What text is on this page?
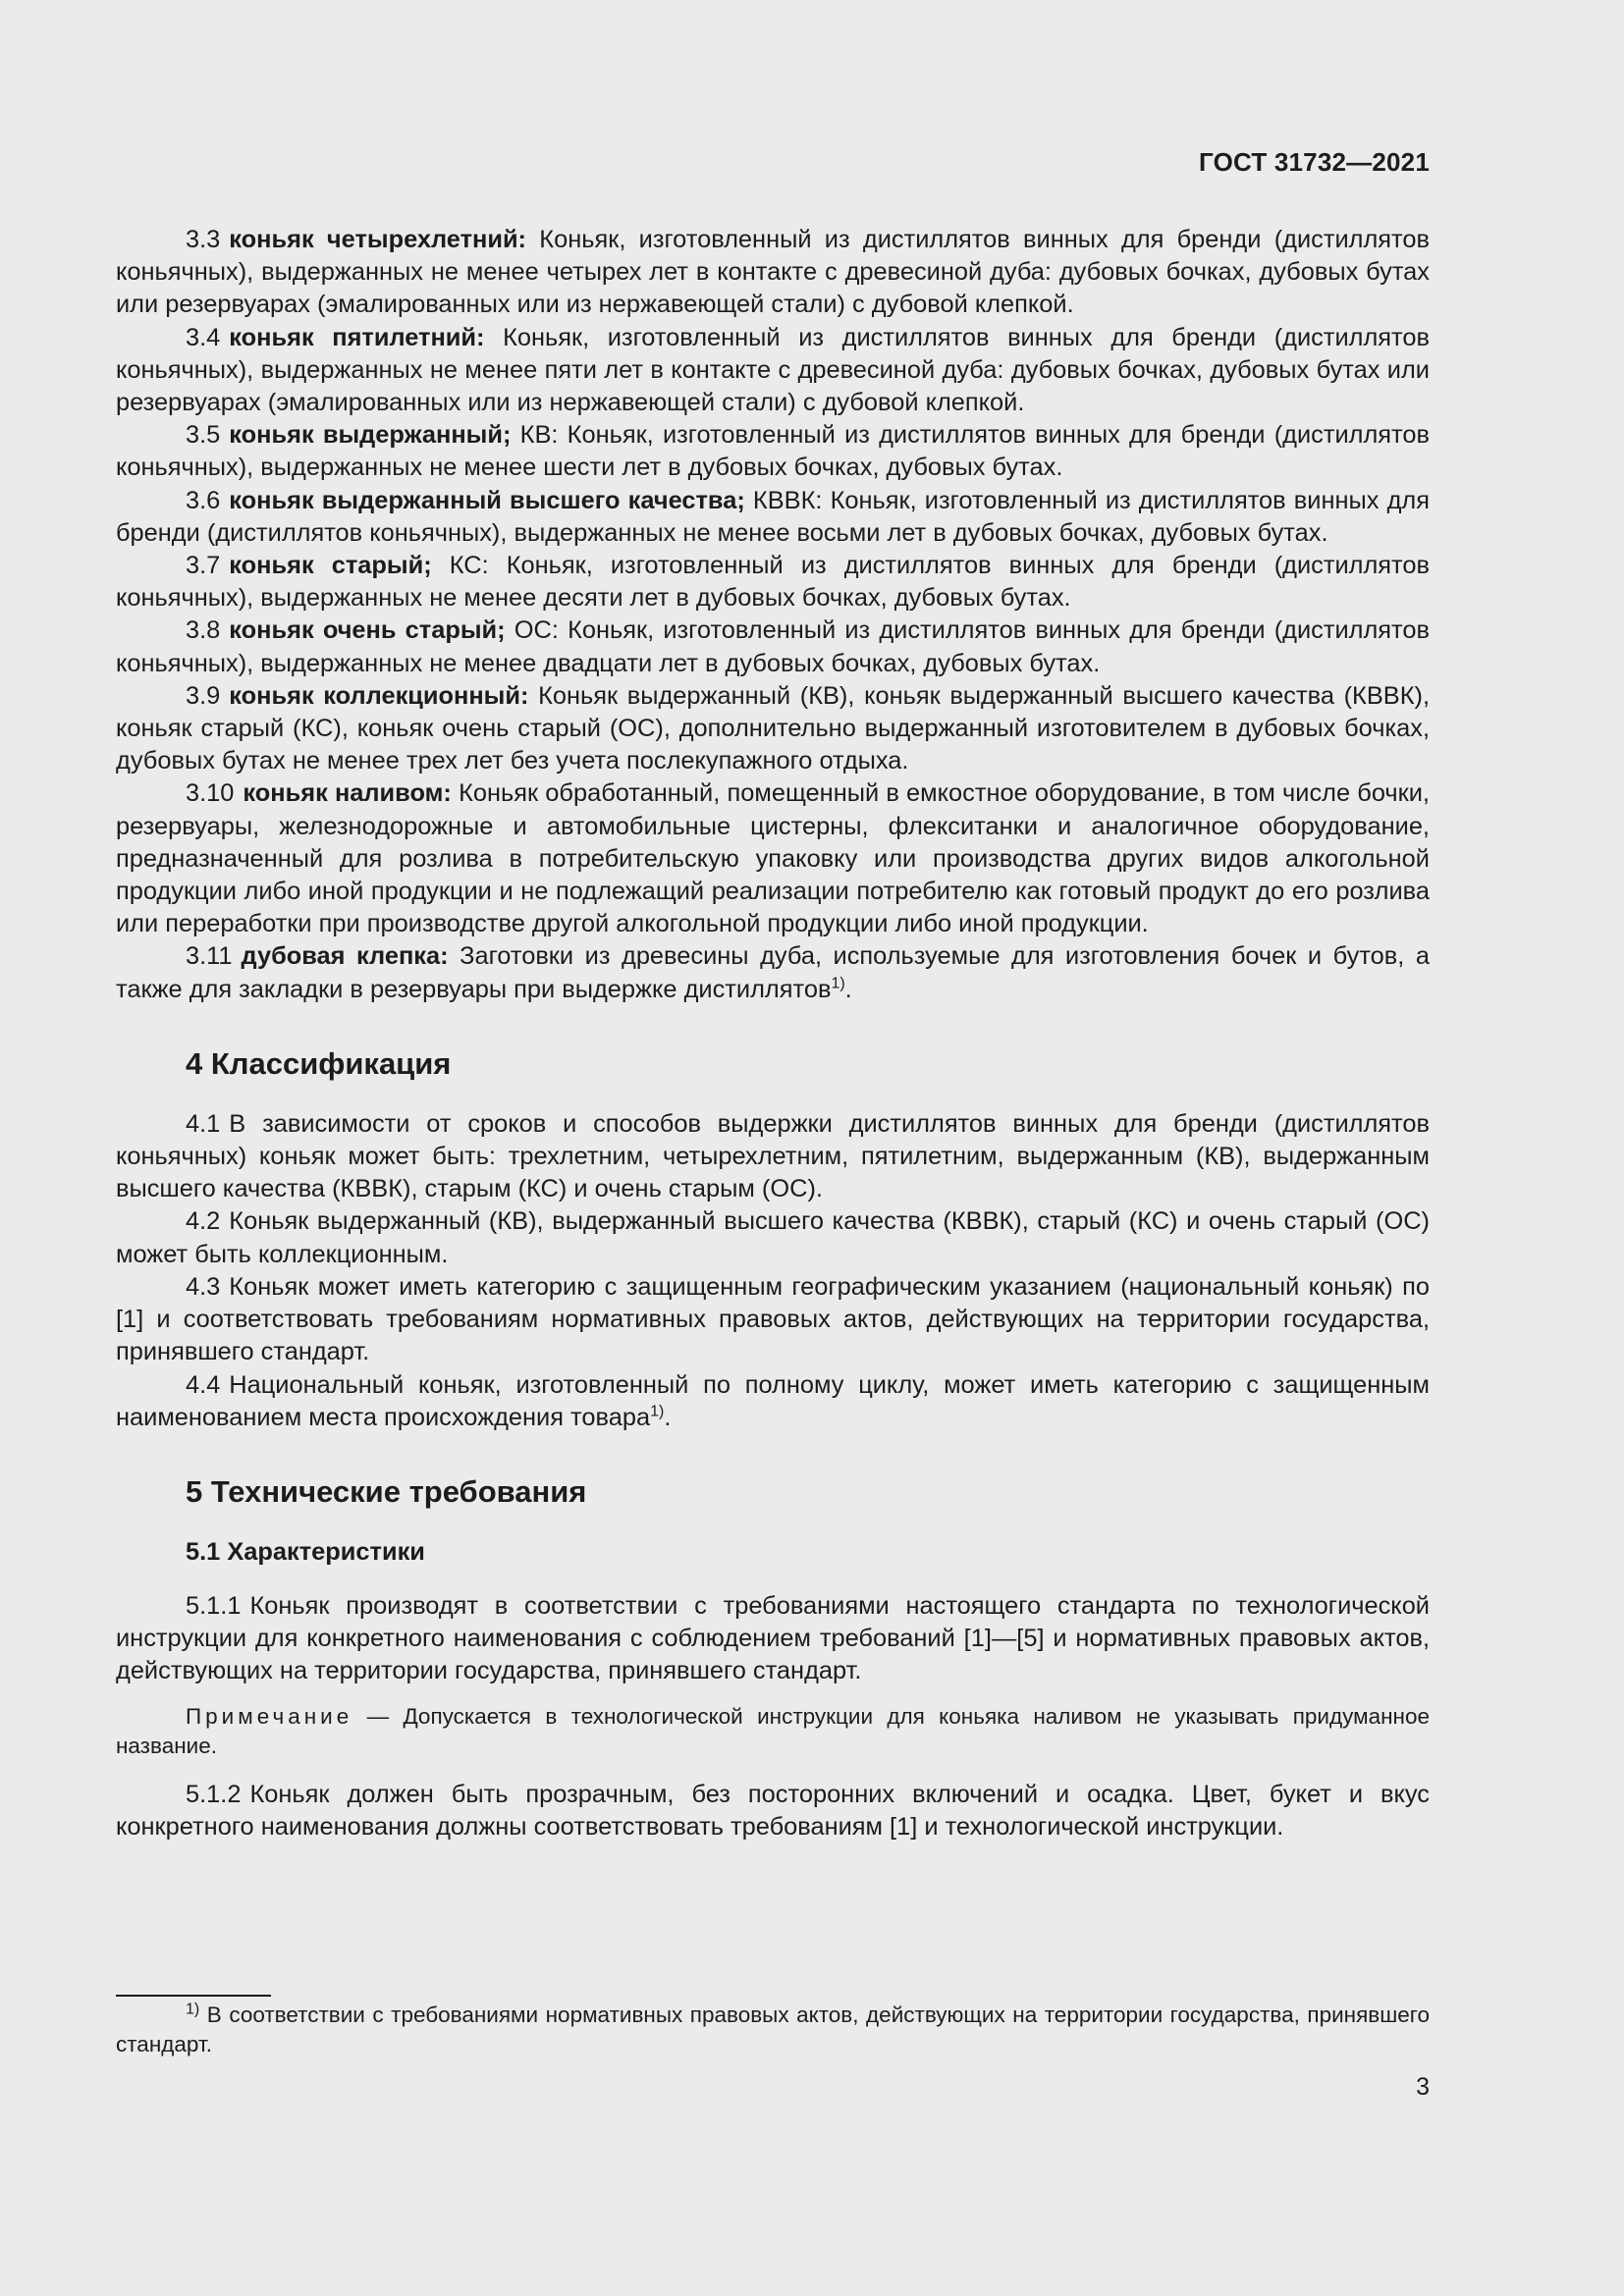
ГОСТ 31732—2021

3.3 коньяк четырехлетний: Коньяк, изготовленный из дистиллятов винных для бренди (дистиллятов коньячных), выдержанных не менее четырех лет в контакте с древесиной дуба: дубовых бочках, дубовых бутах или резервуарах (эмалированных или из нержавеющей стали) с дубовой клепкой.

3.4 коньяк пятилетний: Коньяк, изготовленный из дистиллятов винных для бренди (дистиллятов коньячных), выдержанных не менее пяти лет в контакте с древесиной дуба: дубовых бочках, дубовых бутах или резервуарах (эмалированных или из нержавеющей стали) с дубовой клепкой.

3.5 коньяк выдержанный; КВ: Коньяк, изготовленный из дистиллятов винных для бренди (дистиллятов коньячных), выдержанных не менее шести лет в дубовых бочках, дубовых бутах.

3.6 коньяк выдержанный высшего качества; КВВК: Коньяк, изготовленный из дистиллятов винных для бренди (дистиллятов коньячных), выдержанных не менее восьми лет в дубовых бочках, дубовых бутах.

3.7 коньяк старый; КС: Коньяк, изготовленный из дистиллятов винных для бренди (дистиллятов коньячных), выдержанных не менее десяти лет в дубовых бочках, дубовых бутах.

3.8 коньяк очень старый; ОС: Коньяк, изготовленный из дистиллятов винных для бренди (дистиллятов коньячных), выдержанных не менее двадцати лет в дубовых бочках, дубовых бутах.

3.9 коньяк коллекционный: Коньяк выдержанный (КВ), коньяк выдержанный высшего качества (КВВК), коньяк старый (КС), коньяк очень старый (ОС), дополнительно выдержанный изготовителем в дубовых бочках, дубовых бутах не менее трех лет без учета послекупажного отдыха.

3.10 коньяк наливом: Коньяк обработанный, помещенный в емкостное оборудование, в том числе бочки, резервуары, железнодорожные и автомобильные цистерны, флекситанки и аналогичное оборудование, предназначенный для розлива в потребительскую упаковку или производства других видов алкогольной продукции либо иной продукции и не подлежащий реализации потребителю как готовый продукт до его розлива или переработки при производстве другой алкогольной продукции либо иной продукции.

3.11 дубовая клепка: Заготовки из древесины дуба, используемые для изготовления бочек и бутов, а также для закладки в резервуары при выдержке дистиллятов$^{1)}$.

4 Классификация

4.1 В зависимости от сроков и способов выдержки дистиллятов винных для бренди (дистиллятов коньячных) коньяк может быть: трехлетним, четырехлетним, пятилетним, выдержанным (КВ), выдержанным высшего качества (КВВК), старым (КС) и очень старым (ОС).

4.2 Коньяк выдержанный (КВ), выдержанный высшего качества (КВВК), старый (КС) и очень старый (ОС) может быть коллекционным.

4.3 Коньяк может иметь категорию с защищенным географическим указанием (национальный коньяк) по [1] и соответствовать требованиям нормативных правовых актов, действующих на территории государства, принявшего стандарт.

4.4 Национальный коньяк, изготовленный по полному циклу, может иметь категорию с защищенным наименованием места происхождения товара$^{1)}$.

5 Технические требования
5.1 Характеристики

5.1.1 Коньяк производят в соответствии с требованиями настоящего стандарта по технологической инструкции для конкретного наименования с соблюдением требований [1]—[5] и нормативных правовых актов, действующих на территории государства, принявшего стандарт.

Примечание — Допускается в технологической инструкции для коньяка наливом не указывать придуманное название.

5.1.2 Коньяк должен быть прозрачным, без посторонних включений и осадка. Цвет, букет и вкус конкретного наименования должны соответствовать требованиям [1] и технологической инструкции.

$^{1)}$ В соответствии с требованиями нормативных правовых актов, действующих на территории государства, принявшего стандарт.
3
